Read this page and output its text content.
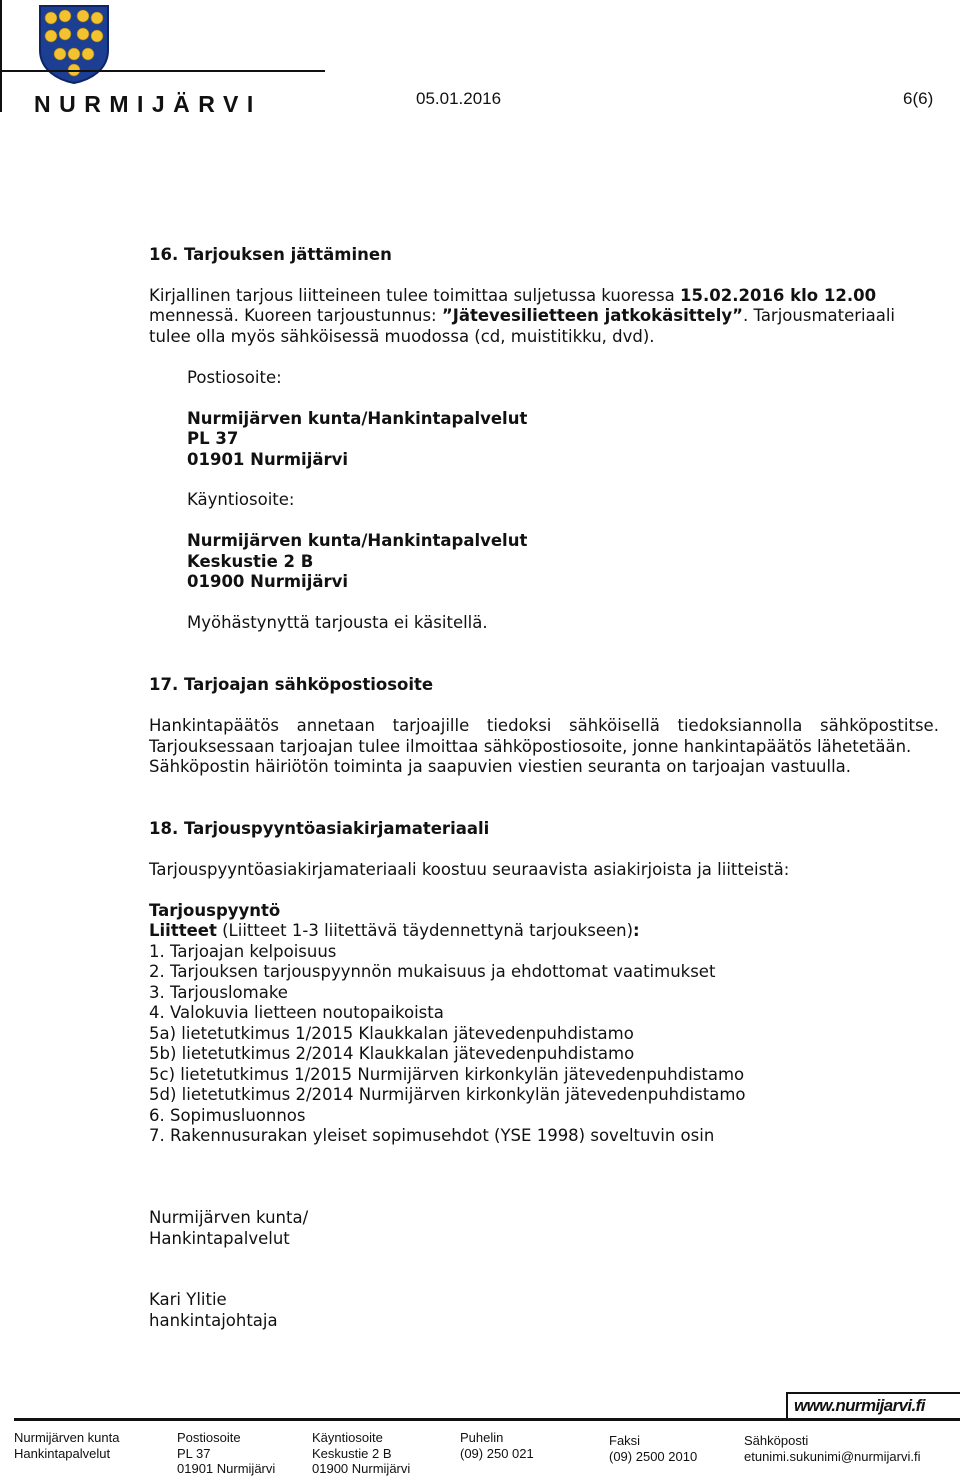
NURMIJÄRVI	05.01.2016	6(6)
16. Tarjouksen jättäminen
Kirjallinen tarjous liitteineen tulee toimittaa suljetussa kuoressa 15.02.2016 klo 12.00
mennessä. Kuoreen tarjoustunnus: ”Jätevesilietteen jatkokäsittely”. Tarjousmateriaali
tulee olla myös sähköisessä muodossa (cd, muistitikku, dvd).
Postiosoite:
Nurmijärven kunta/Hankintapalvelut
PL 37
01901 Nurmijärvi
Käyntiosoite:
Nurmijärven kunta/Hankintapalvelut
Keskustie 2 B
01900 Nurmijärvi
Myöhästynyttä tarjousta ei käsitellä.
17. Tarjoajan sähköpostiosoite
Hankintapäätös annetaan tarjoajille tiedoksi sähköisellä tiedoksiannolla sähköpostitse.
Tarjouksessaan tarjoajan tulee ilmoittaa sähköpostiosoite, jonne hankintapäätös lähetetään.
Sähköpostin häiriötön toiminta ja saapuvien viestien seuranta on tarjoajan vastuulla.
18. Tarjouspyyntöasiakirjamateriaali
Tarjouspyyntöasiakirjamateriaali koostuu seuraavista asiakirjoista ja liitteistä:
Tarjouspyyntö
Liitteet (Liitteet 1-3 liitettävä täydennettynä tarjoukseen):
1. Tarjoajan kelpoisuus
2. Tarjouksen tarjouspyynnön mukaisuus ja ehdottomat vaatimukset
3. Tarjouslomake
4. Valokuvia lietteen noutopaikoista
5a) lietetutkimus 1/2015 Klaukkalan jätevedenpuhdistamo
5b) lietetutkimus 2/2014 Klaukkalan jätevedenpuhdistamo
5c) lietetutkimus 1/2015 Nurmijärven kirkonkylän jätevedenpuhdistamo
5d) lietetutkimus 2/2014 Nurmijärven kirkonkylän jätevedenpuhdistamo
6. Sopimusluonnos
7. Rakennusurakan yleiset sopimusehdot (YSE 1998) soveltuvin osin
Nurmijärven kunta/
Hankintapalvelut
Kari Ylitie
hankintajohtaja
www.nurmijarvi.fi
Nurmijärven kunta
Hankintapalvelut
Postiosoite
PL 37
01901 Nurmijärvi
Käyntiosoite
Keskustie 2 B
01900 Nurmijärvi
Puhelin
(09) 250 021
Faksi
(09) 2500 2010
Sähköposti
etunimi.sukunimi@nurmijarvi.fi
